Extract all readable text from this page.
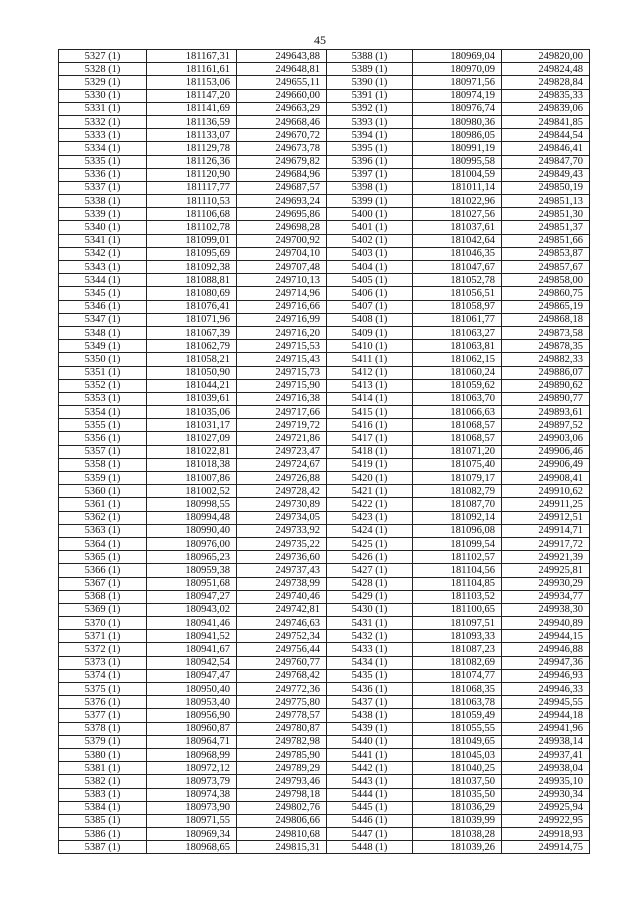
45
5327 (1)	181167,31	249643,88	5388 (1)	180969,04	249820,00
5328 (1)	181161,61	249648,81	5389 (1)	180970,09	249824,48
5329 (1)	181153,06	249655,11	5390 (1)	180971,56	249828,84
5330 (1)	181147,20	249660,00	5391 (1)	180974,19	249835,33
5331 (1)	181141,69	249663,29	5392 (1)	180976,74	249839,06
5332 (1)	181136,59	249668,46	5393 (1)	180980,36	249841,85
5333 (1)	181133,07	249670,72	5394 (1)	180986,05	249844,54
5334 (1)	181129,78	249673,78	5395 (1)	180991,19	249846,41
5335 (1)	181126,36	249679,82	5396 (1)	180995,58	249847,70
5336 (1)	181120,90	249684,96	5397 (1)	181004,59	249849,43
5337 (1)	181117,77	249687,57	5398 (1)	181011,14	249850,19
5338 (1)	181110,53	249693,24	5399 (1)	181022,96	249851,13
5339 (1)	181106,68	249695,86	5400 (1)	181027,56	249851,30
5340 (1)	181102,78	249698,28	5401 (1)	181037,61	249851,37
5341 (1)	181099,01	249700,92	5402 (1)	181042,64	249851,66
5342 (1)	181095,69	249704,10	5403 (1)	181046,35	249853,87
5343 (1)	181092,38	249707,48	5404 (1)	181047,67	249857,67
5344 (1)	181088,81	249710,13	5405 (1)	181052,78	249858,00
5345 (1)	181080,69	249714,96	5406 (1)	181056,51	249860,75
5346 (1)	181076,41	249716,66	5407 (1)	181058,97	249865,19
5347 (1)	181071,96	249716,99	5408 (1)	181061,77	249868,18
5348 (1)	181067,39	249716,20	5409 (1)	181063,27	249873,58
5349 (1)	181062,79	249715,53	5410 (1)	181063,81	249878,35
5350 (1)	181058,21	249715,43	5411 (1)	181062,15	249882,33
5351 (1)	181050,90	249715,73	5412 (1)	181060,24	249886,07
5352 (1)	181044,21	249715,90	5413 (1)	181059,62	249890,62
5353 (1)	181039,61	249716,38	5414 (1)	181063,70	249890,77
5354 (1)	181035,06	249717,66	5415 (1)	181066,63	249893,61
5355 (1)	181031,17	249719,72	5416 (1)	181068,57	249897,52
5356 (1)	181027,09	249721,86	5417 (1)	181068,57	249903,06
5357 (1)	181022,81	249723,47	5418 (1)	181071,20	249906,46
5358 (1)	181018,38	249724,67	5419 (1)	181075,40	249906,49
5359 (1)	181007,86	249726,88	5420 (1)	181079,17	249908,41
5360 (1)	181002,52	249728,42	5421 (1)	181082,79	249910,62
5361 (1)	180998,55	249730,89	5422 (1)	181087,70	249911,25
5362 (1)	180994,48	249734,05	5423 (1)	181092,14	249912,51
5363 (1)	180990,40	249733,92	5424 (1)	181096,08	249914,71
5364 (1)	180976,00	249735,22	5425 (1)	181099,54	249917,72
5365 (1)	180965,23	249736,60	5426 (1)	181102,57	249921,39
5366 (1)	180959,38	249737,43	5427 (1)	181104,56	249925,81
5367 (1)	180951,68	249738,99	5428 (1)	181104,85	249930,29
5368 (1)	180947,27	249740,46	5429 (1)	181103,52	249934,77
5369 (1)	180943,02	249742,81	5430 (1)	181100,65	249938,30
5370 (1)	180941,46	249746,63	5431 (1)	181097,51	249940,89
5371 (1)	180941,52	249752,34	5432 (1)	181093,33	249944,15
5372 (1)	180941,67	249756,44	5433 (1)	181087,23	249946,88
5373 (1)	180942,54	249760,77	5434 (1)	181082,69	249947,36
5374 (1)	180947,47	249768,42	5435 (1)	181074,77	249946,93
5375 (1)	180950,40	249772,36	5436 (1)	181068,35	249946,33
5376 (1)	180953,40	249775,80	5437 (1)	181063,78	249945,55
5377 (1)	180956,90	249778,57	5438 (1)	181059,49	249944,18
5378 (1)	180960,87	249780,87	5439 (1)	181055,55	249941,96
5379 (1)	180964,71	249782,98	5440 (1)	181049,65	249938,14
5380 (1)	180968,99	249785,90	5441 (1)	181045,03	249937,41
5381 (1)	180972,12	249789,29	5442 (1)	181040,25	249938,04
5382 (1)	180973,79	249793,46	5443 (1)	181037,50	249935,10
5383 (1)	180974,38	249798,18	5444 (1)	181035,50	249930,34
5384 (1)	180973,90	249802,76	5445 (1)	181036,29	249925,94
5385 (1)	180971,55	249806,66	5446 (1)	181039,99	249922,95
5386 (1)	180969,34	249810,68	5447 (1)	181038,28	249918,93
5387 (1)	180968,65	249815,31	5448 (1)	181039,26	249914,75
